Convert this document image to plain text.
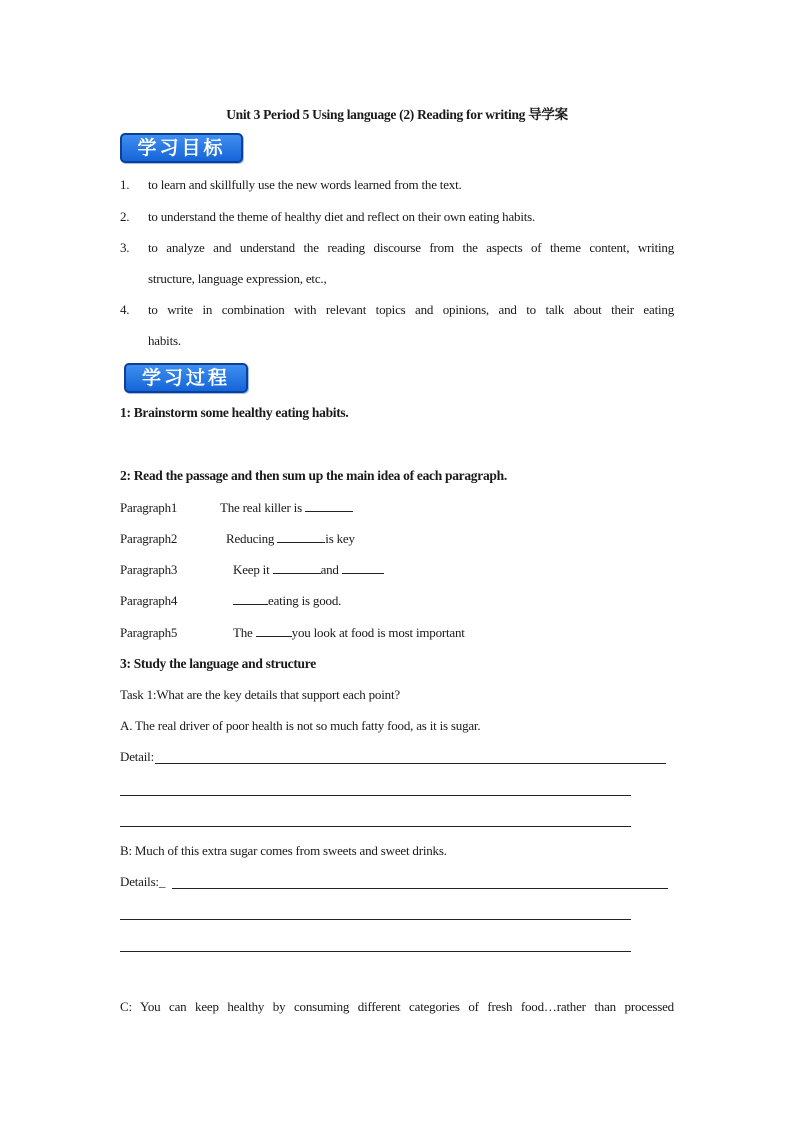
Unit 3 Period 5 Using language (2) Reading for writing 导学案
学习目标
1. to learn and skillfully use the new words learned from the text.
2. to understand the theme of healthy diet and reflect on their own eating habits.
3. to analyze and understand the reading discourse from the aspects of theme content, writing
structure, language expression, etc.,
4. to write in combination with relevant topics and opinions, and to talk about their eating
habits.
学习过程
1: Brainstorm some healthy eating habits.
2: Read the passage and then sum up the main idea of each paragraph.
Paragraph1	The real killer is
Paragraph2	Reducing	is key
Paragraph3	Keep it	and
Paragraph4	eating is good.
Paragraph5	The	you look at food is most important
3: Study the language and structure
Task 1:What are the key details that support each point?
A. The real driver of poor health is not so much fatty food, as it is sugar.
Detail:
B: Much of this extra sugar comes from sweets and sweet drinks.
Details:_
C: You can keep healthy by consuming different categories of fresh food…rather than processed
